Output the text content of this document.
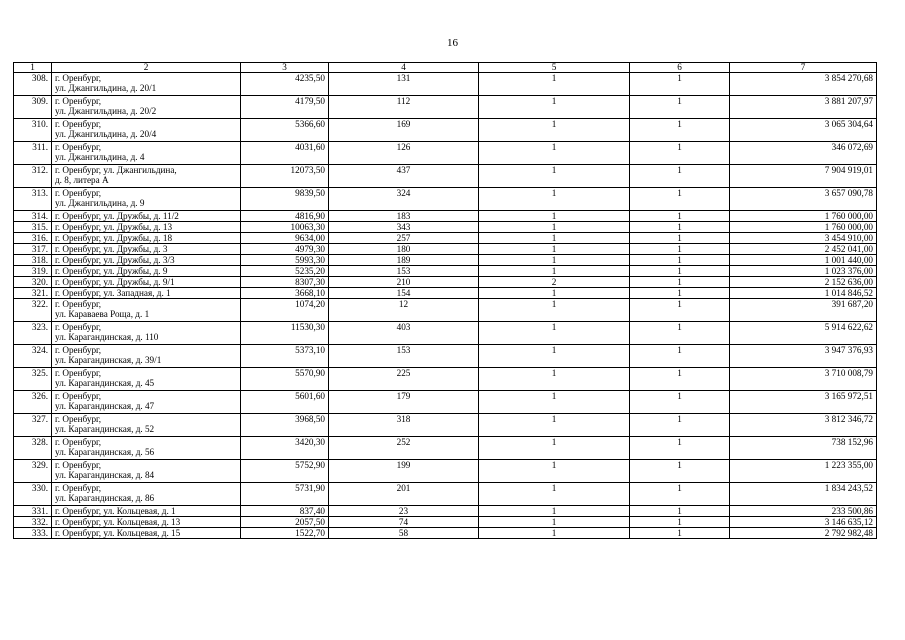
16
1	2	3	4	5	6	7
308.	г. Оренбург,
ул. Джангильдина, д. 20/1	4235,50	131	1	1	3 854 270,68
309.	г. Оренбург,
ул. Джангильдина, д. 20/2	4179,50	112	1	1	3 881 207,97
310.	г. Оренбург,
ул. Джангильдина, д. 20/4	5366,60	169	1	1	3 065 304,64
311.	г. Оренбург,
ул. Джангильдина, д. 4	4031,60	126	1	1	346 072,69
312.	г. Оренбург, ул. Джангильдина,
д. 8, литера А	12073,50	437	1	1	7 904 919,01
313.	г. Оренбург,
ул. Джангильдина, д. 9	9839,50	324	1	1	3 657 090,78
314.	г. Оренбург, ул. Дружбы, д. 11/2	4816,90	183	1	1	1 760 000,00
315.	г. Оренбург, ул. Дружбы, д. 13	10063,30	343	1	1	1 760 000,00
316.	г. Оренбург, ул. Дружбы, д. 18	9634,00	257	1	1	3 454 910,00
317.	г. Оренбург, ул. Дружбы, д. 3	4979,30	180	1	1	2 452 041,00
318.	г. Оренбург, ул. Дружбы, д. 3/3	5993,30	189	1	1	1 001 440,00
319.	г. Оренбург, ул. Дружбы, д. 9	5235,20	153	1	1	1 023 376,00
320.	г. Оренбург, ул. Дружбы, д. 9/1	8307,30	210	2	1	2 152 636,00
321.	г. Оренбург, ул. Западная, д. 1	3668,10	154	1	1	1 014 846,52
322.	г. Оренбург,
ул. Караваева Роща, д. 1	1074,20	12	1	1	391 687,20
323.	г. Оренбург,
ул. Карагандинская, д. 110	11530,30	403	1	1	5 914 622,62
324.	г. Оренбург,
ул. Карагандинская, д. 39/1	5373,10	153	1	1	3 947 376,93
325.	г. Оренбург,
ул. Карагандинская, д. 45	5570,90	225	1	1	3 710 008,79
326.	г. Оренбург,
ул. Карагандинская, д. 47	5601,60	179	1	1	3 165 972,51
327.	г. Оренбург,
ул. Карагандинская, д. 52	3968,50	318	1	1	3 812 346,72
328.	г. Оренбург,
ул. Карагандинская, д. 56	3420,30	252	1	1	738 152,96
329.	г. Оренбург,
ул. Карагандинская, д. 84	5752,90	199	1	1	1 223 355,00
330.	г. Оренбург,
ул. Карагандинская, д. 86	5731,90	201	1	1	1 834 243,52
331.	г. Оренбург, ул. Кольцевая, д. 1	837,40	23	1	1	233 500,86
332.	г. Оренбург, ул. Кольцевая, д. 13	2057,50	74	1	1	3 146 635,12
333.	г. Оренбург, ул. Кольцевая, д. 15	1522,70	58	1	1	2 792 982,48
